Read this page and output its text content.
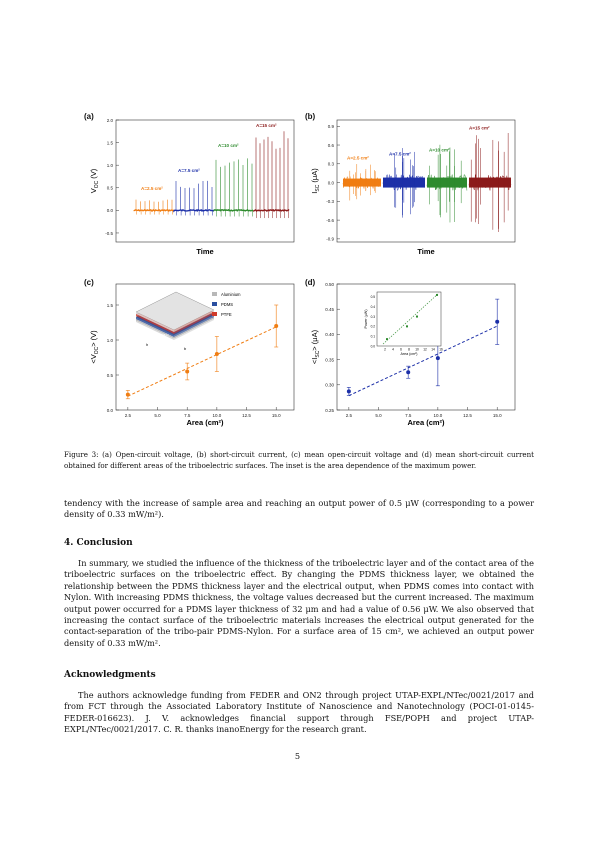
(a)	2.0
1.5
1.0
0.5
0.0
-0.5
A=2.5 cm²
A=7.5 cm²
A=10 cm²
A=15 cm²
$V_{OC}$ (V)
Time
(b)
0.9
0.6
0.3
0.0
-0.3
-0.6
-0.9
A=2.5 cm²
A=7.5 cm²
A=10 cm²
A=15 cm²
$I_{SC}$ (μA)
Time
(c)
1.5
1.0
0.5
0.0
2.5	5.0	7.5	10.0	12.5	15.0
$<V_{OC}> (V)$
Area (cm²)
h
b
A=a.b
Aluminium
PDMS
PTFE
(d) 0.50
0.45
0.40
0.35
0.30
0.25
2.5	5.0	7.5	10.0	12.5	15.0
$<I_{SC}> (\mu A)$
Area (cm²)
0.5
0.4
0.3
0.2
0.1
0.0
2 4 6 8 10 12 14 16
Power (μW)
Area (cm²)
Figure 3: (a) Open-circuit voltage, (b) short-circuit current, (c) mean open-circuit voltage and (d) mean short-circuit current obtained for different areas of the triboelectric surfaces. The inset is the area dependence of the maximum power.

tendency with the increase of sample area and reaching an output power of 0.5 μW (corresponding to a power density of 0.33 mW/m²).

4. Conclusion

In summary, we studied the influence of the thickness of the triboelectric layer and of the contact area of the triboelectric surfaces on the triboelectric effect. By changing the PDMS thickness layer, we obtained the relationship between the PDMS thickness layer and the electrical output, when PDMS comes into contact with Nylon. With increasing PDMS thickness, the voltage values decreased but the current increased. The maximum output power occurred for a PDMS layer thickness of 32 μm and had a value of 0.56 μW. We also observed that increasing the contact surface of the triboelectric materials increases the electrical output generated for the contact-separation of the tribo-pair PDMS-Nylon. For a surface area of 15 cm², we achieved an output power density of 0.33 mW/m².

Acknowledgments

The authors acknowledge funding from FEDER and ON2 through project UTAP-EXPL/NTec/0021/2017 and from FCT through the Associated Laboratory Institute of Nanoscience and Nanotechnology (POCI-01-0145-FEDER-016623). J. V. acknowledges financial support through FSE/POPH and project UTAP-EXPL/NTec/0021/2017. C. R. thanks inanoEnergy for the research grant.

5
